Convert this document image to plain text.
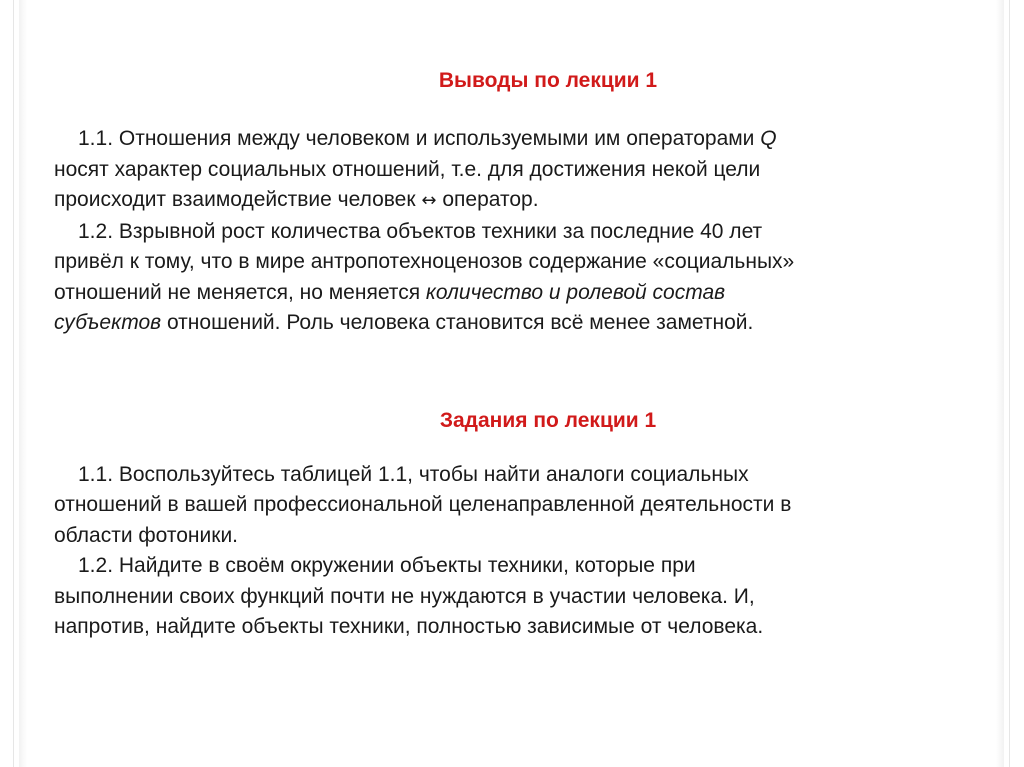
Выводы по лекции 1

1.1. Отношения между человеком и используемыми им операторами Q
носят характер социальных отношений, т.е. для достижения некой цели
происходит взаимодействие человек ↔ оператор.

1.2. Взрывной рост количества объектов техники за последние 40 лет
привёл к тому, что в мире антропотехноценозов содержание «социальных»
отношений не меняется, но меняется количество и ролевой состав
субъектов отношений. Роль человека становится всё менее заметной.

Задания по лекции 1

1.1. Воспользуйтесь таблицей 1.1, чтобы найти аналоги социальных
отношений в вашей профессиональной целенаправленной деятельности в
области фотоники.

1.2. Найдите в своём окружении объекты техники, которые при
выполнении своих функций почти не нуждаются в участии человека. И,
напротив, найдите объекты техники, полностью зависимые от человека.
